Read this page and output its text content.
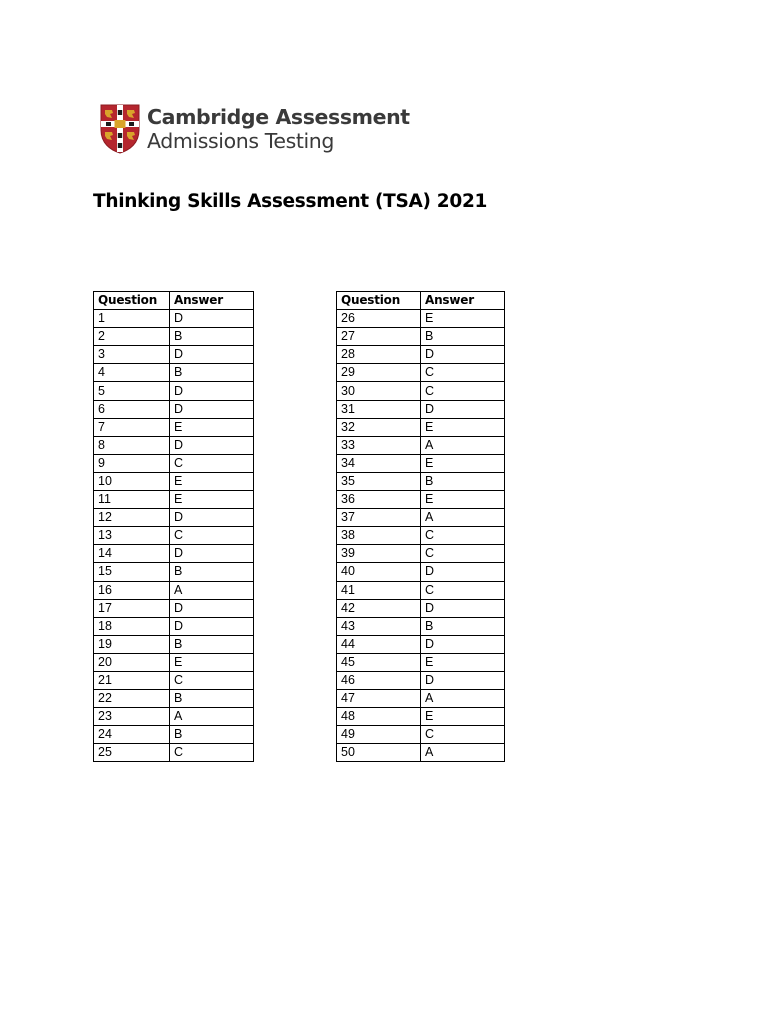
Cambridge Assessment
Admissions Testing
Thinking Skills Assessment (TSA) 2021
Question	Answer
1	D
2	B
3	D
4	B
5	D
6	D
7	E
8	D
9	C
10	E
11	E
12	D
13	C
14	D
15	B
16	A
17	D
18	D
19	B
20	E
21	C
22	B
23	A
24	B
25	C
Question	Answer
26	E
27	B
28	D
29	C
30	C
31	D
32	E
33	A
34	E
35	B
36	E
37	A
38	C
39	C
40	D
41	C
42	D
43	B
44	D
45	E
46	D
47	A
48	E
49	C
50	A
